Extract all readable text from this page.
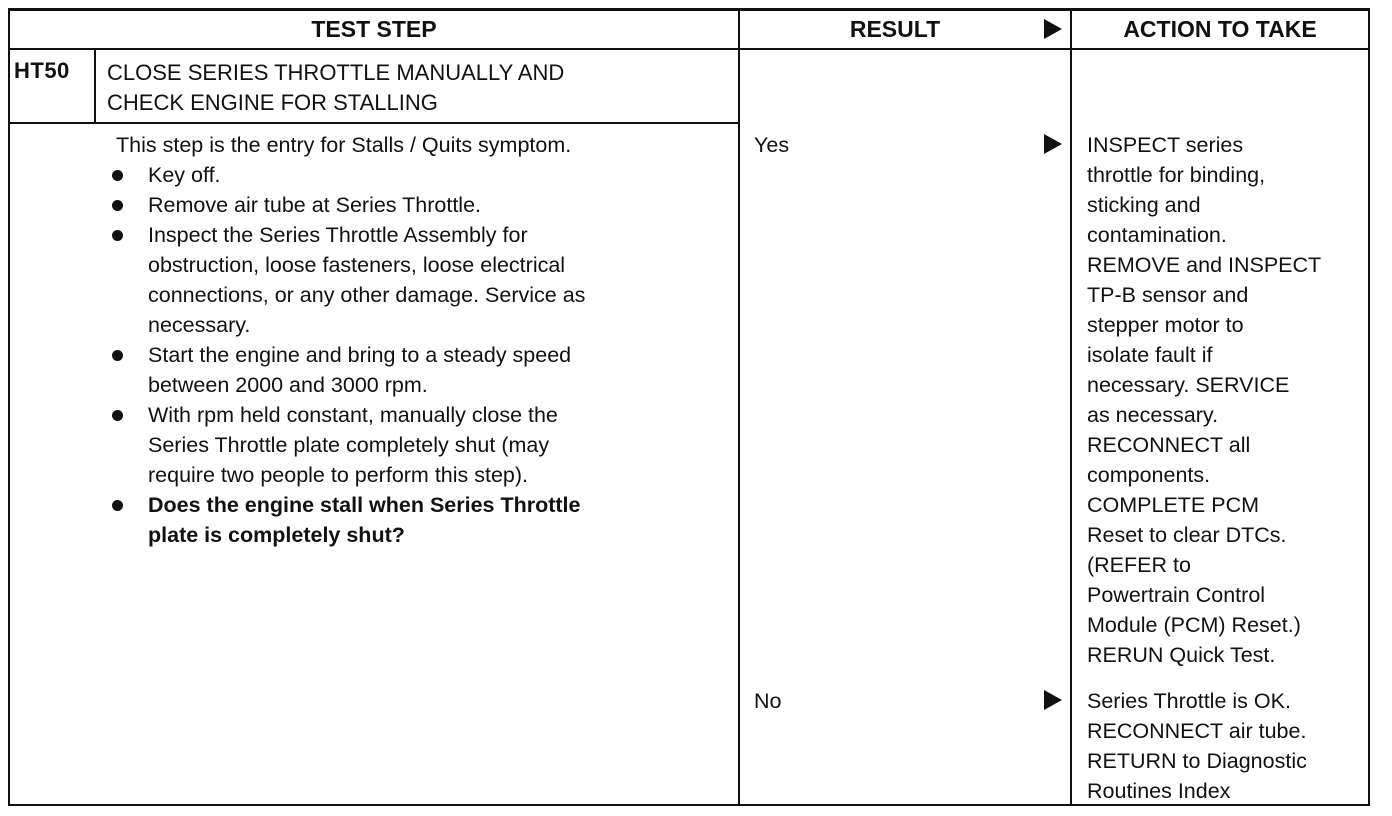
TEST STEP	RESULT	ACTION TO TAKE
HT50	CLOSE SERIES THROTTLE MANUALLY AND
CHECK ENGINE FOR STALLING
This step is the entry for Stalls / Quits symptom.
Key off.
Remove air tube at Series Throttle.
Inspect the Series Throttle Assembly for
obstruction, loose fasteners, loose electrical
connections, or any other damage. Service as
necessary.
Start the engine and bring to a steady speed
between 2000 and 3000 rpm.
With rpm held constant, manually close the
Series Throttle plate completely shut (may
require two people to perform this step).
Does the engine stall when Series Throttle
plate is completely shut?
Yes	INSPECT series
throttle for binding,
sticking and
contamination.
REMOVE and INSPECT
TP-B sensor and
stepper motor to
isolate fault if
necessary. SERVICE
as necessary.
RECONNECT all
components.
COMPLETE PCM
Reset to clear DTCs.
(REFER to
Powertrain Control
Module (PCM) Reset.)
RERUN Quick Test.
No	Series Throttle is OK.
RECONNECT air tube.
RETURN to Diagnostic
Routines Index
